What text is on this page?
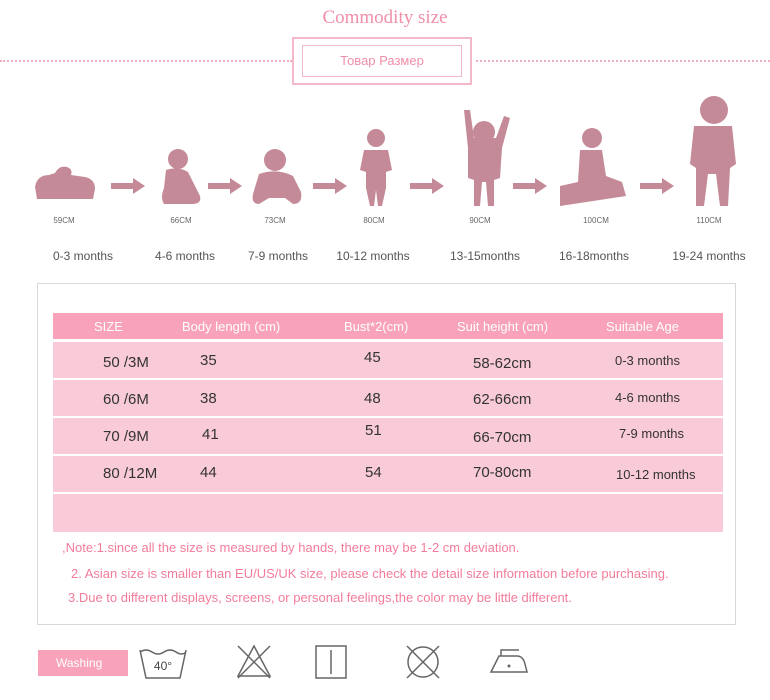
Commodity size
Товар Размер
59CM	66CM	73CM	80CM	90CM	100CM	110CM
0-3 months	4-6 months	7-9 months	10-12 months	13-15months	16-18months	19-24 months
SIZE	Body length (cm)	Bust*2(cm)	Suit height (cm)	Suitable Age
50 /3M	35	45	58-62cm	0-3 months
60 /6M	38	48	62-66cm	4-6 months
70 /9M	41	51	66-70cm	7-9 months
80 /12M	44	54	70-80cm	10-12 months
,Note:1.since all the size is measured by hands, there may be 1-2 cm deviation.
2. Asian size is smaller than EU/US/UK size, please check the detail size information before purchasing.
3.Due to different displays, screens, or personal feelings,the color may be little different.
Washing	40°
